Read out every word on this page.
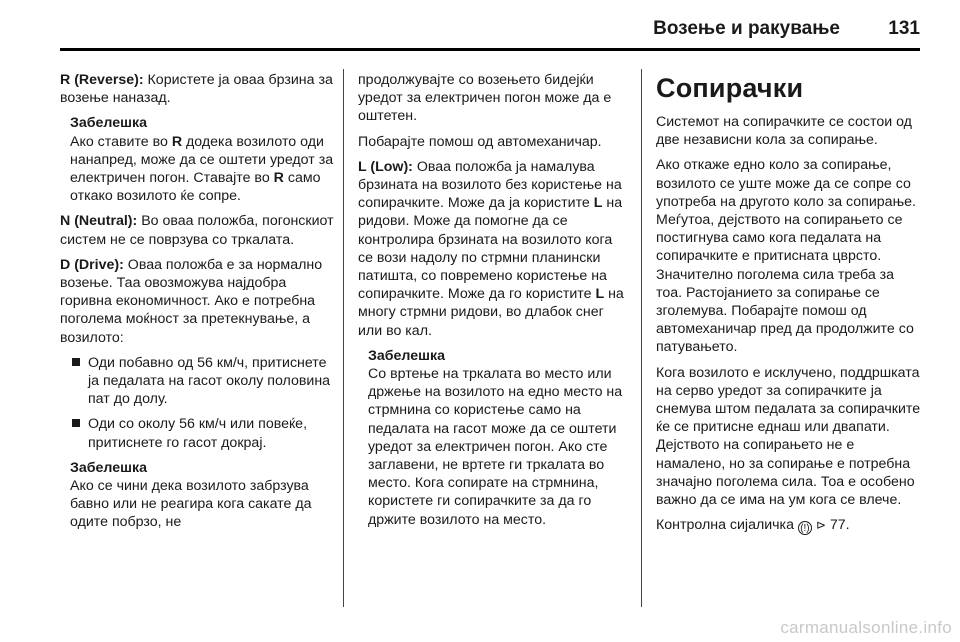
Возење и ракување	131

R (Reverse): Користете ја оваа брзина за возење наназад.

Забелешка
Ако ставите во R додека возилото оди нанапред, може да се оштети уредот за електричен погон. Ставајте во R само откако возилото ќе сопре.

N (Neutral): Во оваа положба, погонскиот систем не се поврзува со тркалата.

D (Drive): Оваа положба е за нормално возење. Таа овозможува најдобра горивна економичност. Ако е потребна поголема моќност за претекнување, а возилото:

Оди побавно од 56 км/ч, притиснете ја педалата на гасот околу половина пат до долу.
Оди со околу 56 км/ч или повеќе, притиснете го гасот докрај.
Забелешка
Ако се чини дека возилото забрзува бавно или не реагира кога сакате да одите побрзо, не

продолжувајте со возењето бидејќи уредот за електричен погон може да е оштетен.

Побарајте помош од автомеханичар.

L (Low): Оваа положба ја намалува брзината на возилото без користење на сопирачките. Може да ја користите L на ридови. Може да помогне да се контролира брзината на возилото кога се вози надолу по стрмни планински патишта, со повремено користење на сопирачките. Може да го користите L на многу стрмни ридови, во длабок снег или во кал.

Забелешка
Со вртење на тркалата во место или држење на возилото на едно место на стрмнина со користење само на педалата на гасот може да се оштети уредот за електричен погон. Ако сте заглавени, не вртете ги тркалата во место. Кога сопирате на стрмнина, користете ги сопирачките за да го држите возилото на место.
Сопирачки

Системот на сопирачките се состои од две независни кола за сопирање.

Ако откаже едно коло за сопирање, возилото се уште може да се сопре со употреба на другото коло за сопирање. Меѓутоа, дејството на сопирањето се постигнува само кога педалата на сопирачките е притисната цврсто. Значително поголема сила треба за тоа. Растојанието за сопирање се зголемува. Побарајте помош од автомеханичар пред да продолжите со патувањето.

Кога возилото е исклучено, поддршката на серво уредот за сопирачките ја снемува штом педалата за сопирачките ќе се притисне еднаш или двапати. Дејството на сопирањето не е намалено, но за сопирање е потребна значајно поголема сила. Тоа е особено важно да се има на ум кога се влече.

Контролна сијаличка (!) ⊳ 77.

carmanualsonline.info
